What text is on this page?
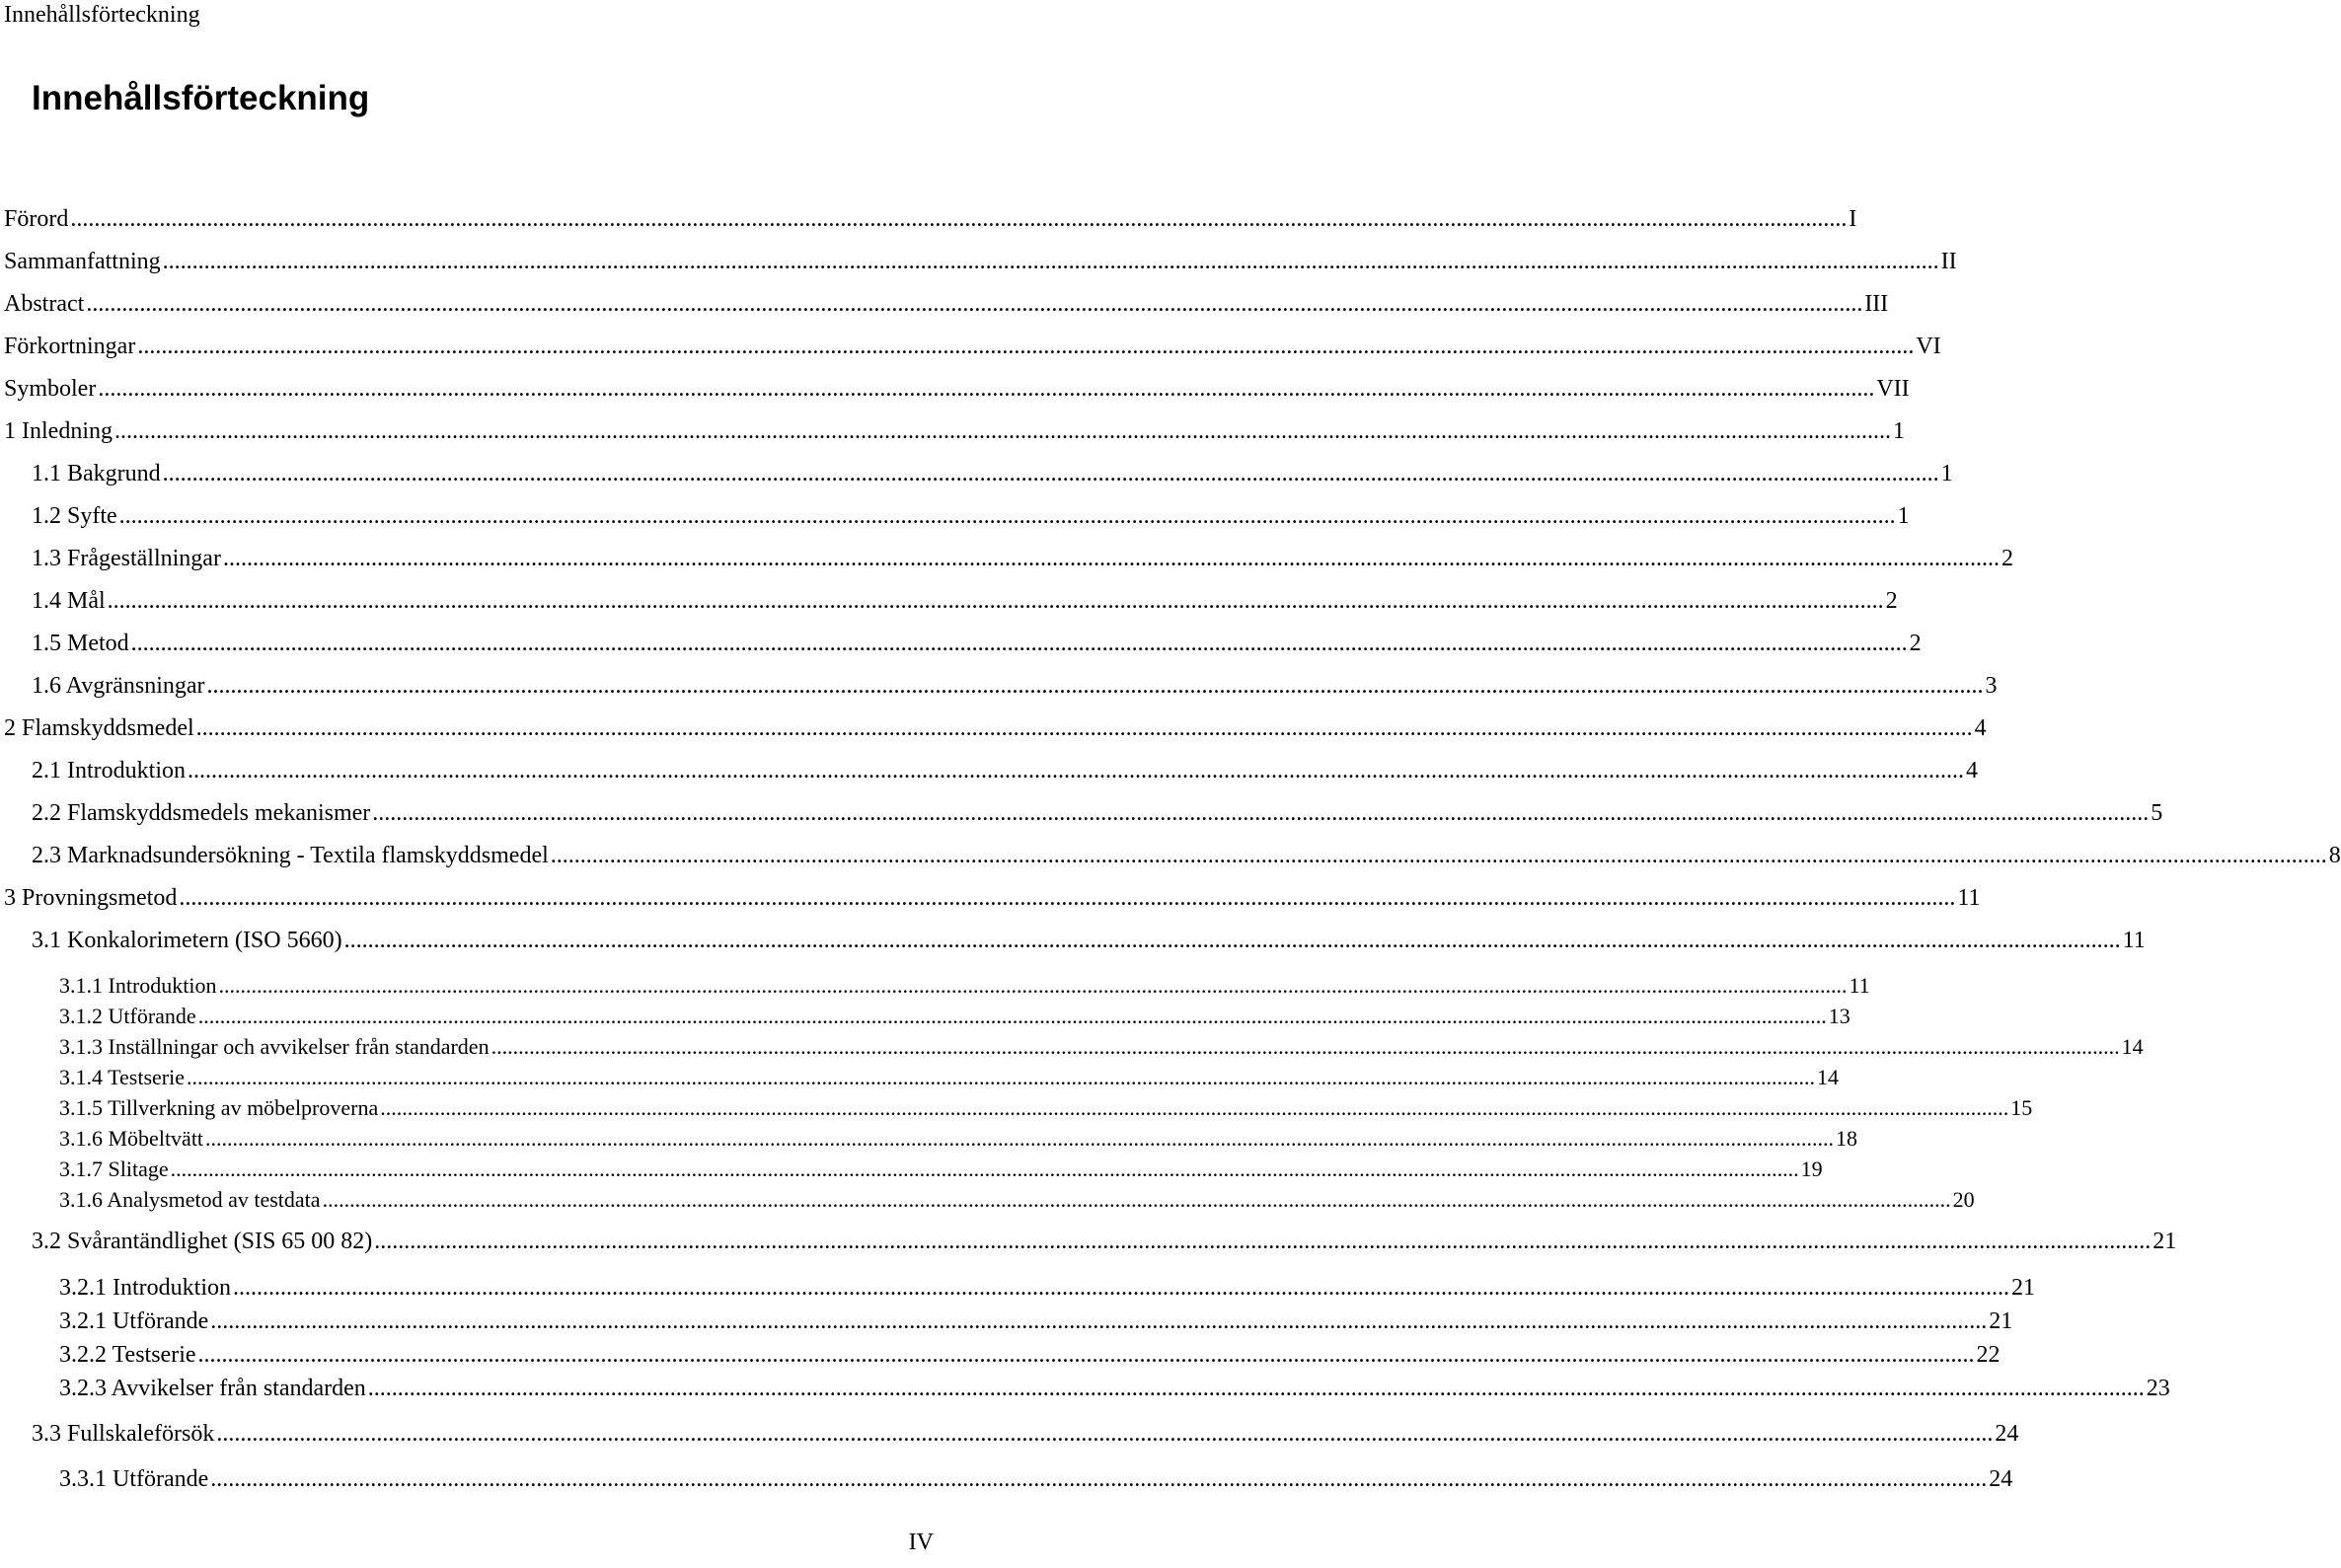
Innehållsförteckning
Innehållsförteckning
Förord ............................................................................................................................................................................................................................................................................................................ I
Sammanfattning ............................................................................................................................................................................................................................................................................................................ II
Abstract ............................................................................................................................................................................................................................................................................................................ III
Förkortningar ............................................................................................................................................................................................................................................................................................................ VI
Symboler ............................................................................................................................................................................................................................................................................................................ VII
1 Inledning ............................................................................................................................................................................................................................................................................................................ 1
1.1 Bakgrund ............................................................................................................................................................................................................................................................................................................ 1
1.2 Syfte ............................................................................................................................................................................................................................................................................................................ 1
1.3 Frågeställningar ............................................................................................................................................................................................................................................................................................................ 2
1.4 Mål ............................................................................................................................................................................................................................................................................................................ 2
1.5 Metod ............................................................................................................................................................................................................................................................................................................ 2
1.6 Avgränsningar ............................................................................................................................................................................................................................................................................................................ 3
2 Flamskyddsmedel ............................................................................................................................................................................................................................................................................................................ 4
2.1 Introduktion ............................................................................................................................................................................................................................................................................................................ 4
2.2 Flamskyddsmedels mekanismer ............................................................................................................................................................................................................................................................................................................ 5
2.3 Marknadsundersökning - Textila flamskyddsmedel ............................................................................................................................................................................................................................................................................................................ 8
3 Provningsmetod ............................................................................................................................................................................................................................................................................................................ 11
3.1 Konkalorimetern (ISO 5660) ............................................................................................................................................................................................................................................................................................................ 11
3.1.1 Introduktion ............................................................................................................................................................................................................................................................................................................ 11
3.1.2 Utförande ............................................................................................................................................................................................................................................................................................................ 13
3.1.3 Inställningar och avvikelser från standarden ............................................................................................................................................................................................................................................................................................................ 14
3.1.4 Testserie ............................................................................................................................................................................................................................................................................................................ 14
3.1.5 Tillverkning av möbelproverna ............................................................................................................................................................................................................................................................................................................ 15
3.1.6 Möbeltvätt ............................................................................................................................................................................................................................................................................................................ 18
3.1.7 Slitage ............................................................................................................................................................................................................................................................................................................ 19
3.1.6 Analysmetod av testdata ............................................................................................................................................................................................................................................................................................................ 20
3.2 Svårantändlighet (SIS 65 00 82) ............................................................................................................................................................................................................................................................................................................ 21
3.2.1 Introduktion ............................................................................................................................................................................................................................................................................................................ 21
3.2.1 Utförande ............................................................................................................................................................................................................................................................................................................ 21
3.2.2 Testserie ............................................................................................................................................................................................................................................................................................................ 22
3.2.3 Avvikelser från standarden ............................................................................................................................................................................................................................................................................................................ 23
3.3 Fullskaleförsök ............................................................................................................................................................................................................................................................................................................ 24
3.3.1 Utförande ............................................................................................................................................................................................................................................................................................................ 24
IV
